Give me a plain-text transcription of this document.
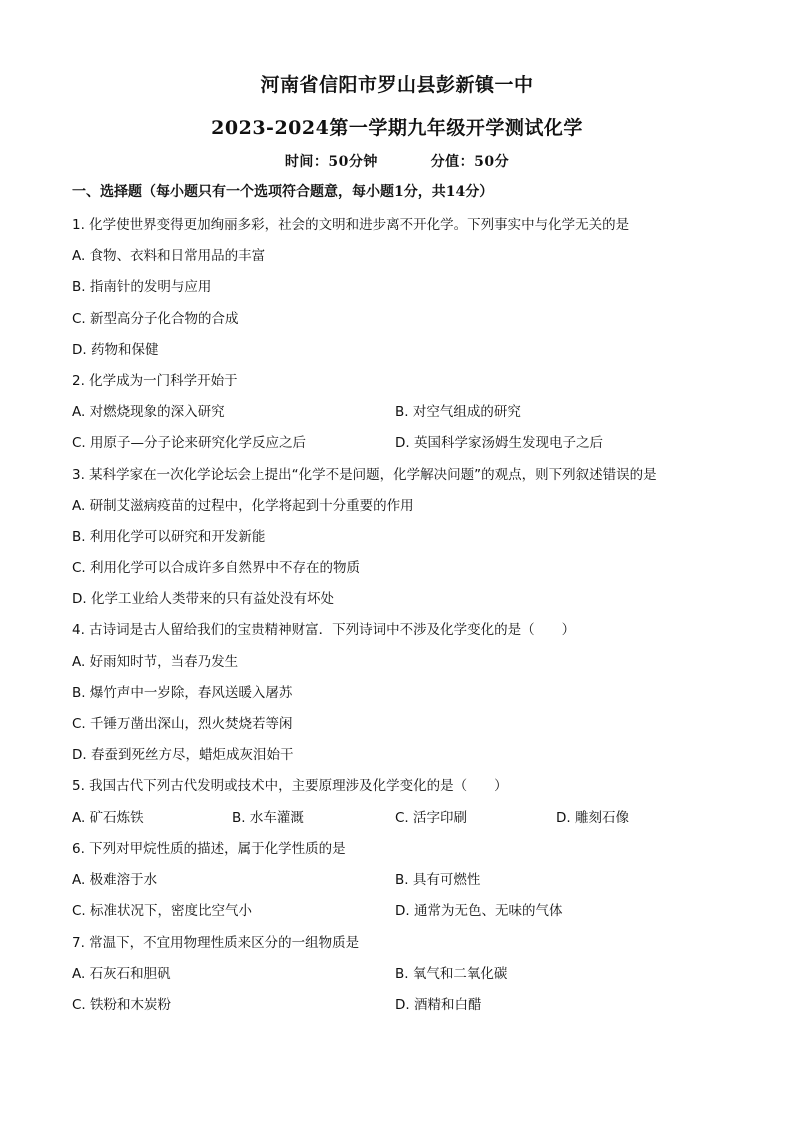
河南省信阳市罗山县彭新镇一中
2023-2024第一学期九年级开学测试化学
时间：50分钟	分值：50分
一、选择题（每小题只有一个选项符合题意，每小题1分，共14分）
1. 化学使世界变得更加绚丽多彩，社会的文明和进步离不开化学。下列事实中与化学无关的是
A. 食物、衣料和日常用品的丰富
B. 指南针的发明与应用
C. 新型高分子化合物的合成
D. 药物和保健
2. 化学成为一门科学开始于
A. 对燃烧现象的深入研究	B. 对空气组成的研究
C. 用原子—分子论来研究化学反应之后	D. 英国科学家汤姆生发现电子之后
3. 某科学家在一次化学论坛会上提出“化学不是问题，化学解决问题”的观点，则下列叙述错误的是
A. 研制艾滋病疫苗的过程中，化学将起到十分重要的作用
B. 利用化学可以研究和开发新能
C. 利用化学可以合成许多自然界中不存在的物质
D. 化学工业给人类带来的只有益处没有坏处
4. 古诗词是古人留给我们的宝贵精神财富．下列诗词中不涉及化学变化的是（　　）
A. 好雨知时节，当春乃发生
B. 爆竹声中一岁除，春风送暖入屠苏
C. 千锤万凿出深山，烈火焚烧若等闲
D. 春蚕到死丝方尽，蜡炬成灰泪始干
5. 我国古代下列古代发明或技术中，主要原理涉及化学变化的是（　　）
A. 矿石炼铁	B. 水车灌溉	C. 活字印刷	D. 雕刻石像
6. 下列对甲烷性质的描述，属于化学性质的是
A. 极难溶于水	B. 具有可燃性
C. 标准状况下，密度比空气小	D. 通常为无色、无味的气体
7. 常温下，不宜用物理性质来区分的一组物质是
A. 石灰石和胆矾	B. 氧气和二氧化碳
C. 铁粉和木炭粉	D. 酒精和白醋
